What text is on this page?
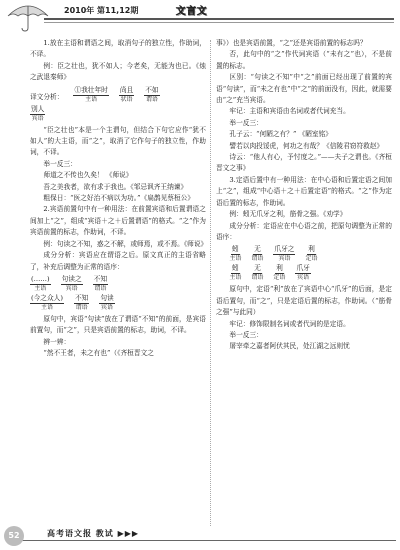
2010年 第11,12期	文言文

1.放在主语和谓语之间，取消句子的独立性，作助词，不译。

例：臣之壮也，犹不如人；今老矣，无能为也已。《烛之武退秦师》

译文分析：
①我壮年时
主语
尚且
状语
不如
谓语
别人
宾语

“臣之壮也”本是一个主谓句，但结合下句它应作“犹不如人”的大主语，而“之”，取消了它作句子的独立性，作助词，不译。

举一反三：

师道之不传也久矣！ 《师说》

吾之美我者，欲有求于我也。《邹忌讽齐王纳谏》

粗保日：“医之好治不病以为功。”《扁鹊见蔡桓公》

2.宾语前置句中有一种用法：在前置宾语和后置谓语之间加上“之”，组成“宾语＋之＋后置谓语”的格式。“之”作为宾语前置的标志，作助词，不译。

例：句读之不知，惑之不解，或师焉，或不焉。《师说》

成分分析：宾语应在谓语之后。原文真正的主语省略了，补充后调整为正常的语序：

(……)
主语
句读之
宾语
不知
谓语
(今之众人)
主语
不知
谓语
句读
宾语

原句中，宾语“句读”放在了谓语“不知”的前面，是宾语前置句，而“之”，只是宾语前置的标志，助词，不译。

辨一辨：

“然不王者，未之有也”（《齐桓晋文之

事》）也是宾语前置，“之”还是宾语前置的标志吗？

否，此句中的“之”作代词宾语（“未有之”也），不是前置的标志。

区别：“句读之不知”中“之”前面已经出现了前置的宾语“句读”，而“未之有也”中“之”的前面没有，因此，就需要由“之”充当宾语。

牢记：主语和宾语由名词或者代词充当。

举一反三：

孔子云：“何陋之有？” 《陋室铭》

譬若以肉投馁虎，何功之有哉？《信陵君窃符救赵》

诗云：“他人有心，予忖度之。”——夫子之谓也。《齐桓晋文之事》

3.定语后置中有一种用法：在中心语和后置定语之间加上“之”，组成“中心语＋之＋后置定语”的格式。“之”作为定语后置的标志，作助词。

例：蚓无爪牙之利，筋骨之强。《劝学》

成分分析：定语应在中心语之前，把原句调整为正常的语序：

蚓
主语
无
谓语
爪牙之
宾语
利
定语
蚓
主语
无
谓语
利
定语
爪牙
宾语

原句中，定语“利”放在了宾语中心“爪牙”的后面，是定语后置句，而“之”，只是定语后置的标志，作助词。（“筋骨之强”与此同）

牢记：修饰限制名词或者代词的是定语。

举一反三：

屠宰牵之嘉者阿伏其民，处江湖之远则忧

52	高考语文报 教试 ▶▶▶
